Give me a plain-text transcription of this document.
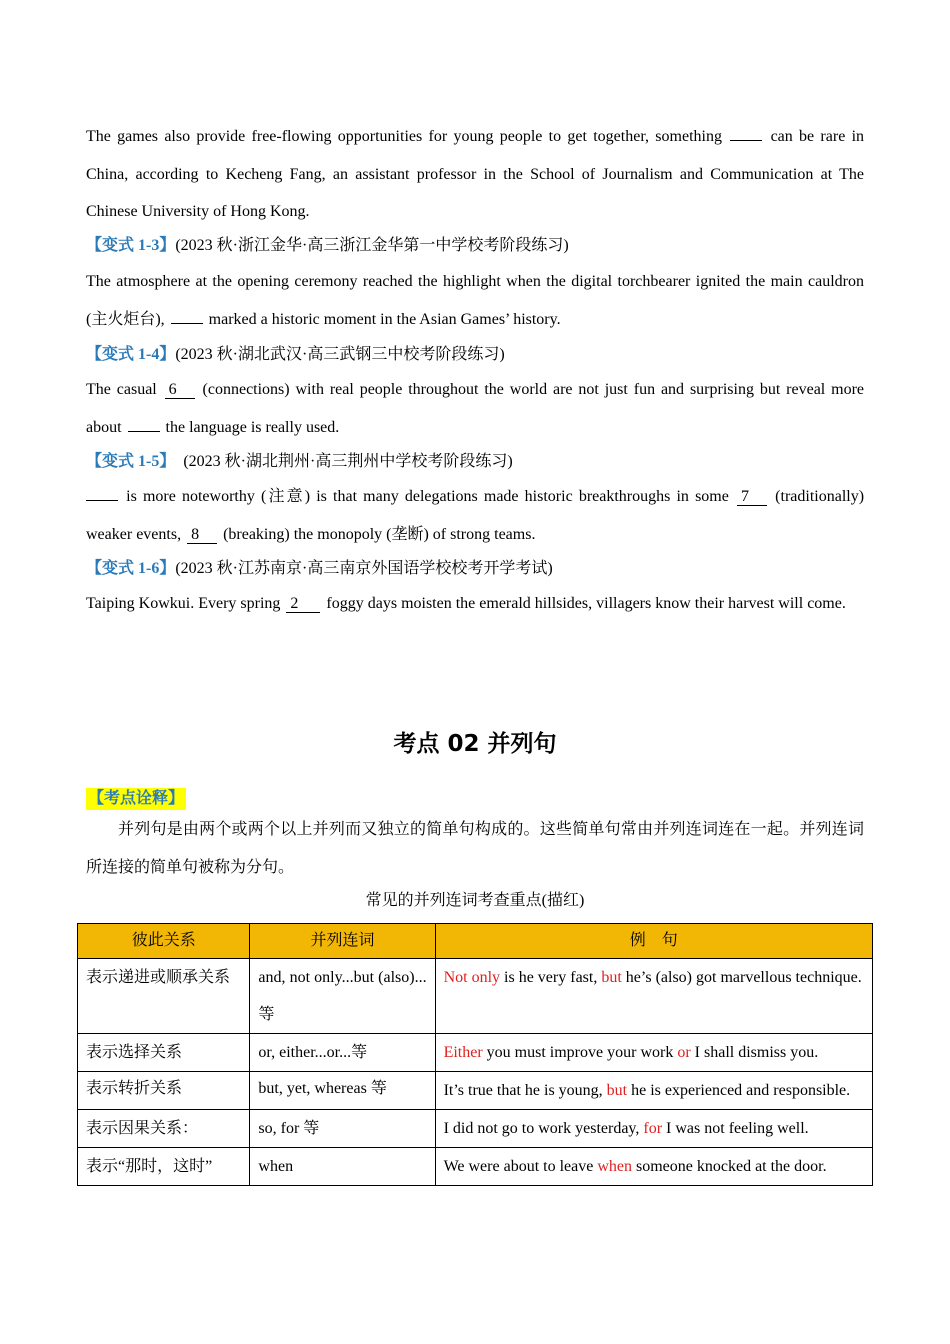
The games also provide free-flowing opportunities for young people to get together, something	can be rare in China, according to Kecheng Fang, an assistant professor in the School of Journalism and Communication at The Chinese University of Hong Kong.

【变式 1-3】(2023 秋·浙江金华·高三浙江金华第一中学校考阶段练习)

The atmosphere at the opening ceremony reached the highlight when the digital torchbearer ignited the main cauldron (主火炬台),	marked a historic moment in the Asian Games’ history.

【变式 1-4】(2023 秋·湖北武汉·高三武钢三中校考阶段练习)

The casual 6 (connections) with real people throughout the world are not just fun and surprising but reveal more about	the language is really used.

【变式 1-5】 (2023 秋·湖北荆州·高三荆州中学校考阶段练习)

is more noteworthy (注意) is that many delegations made historic breakthroughs in some 7 (traditionally) weaker events, 8 (breaking) the monopoly (垄断) of strong teams.

【变式 1-6】(2023 秋·江苏南京·高三南京外国语学校校考开学考试)

Taiping Kowkui. Every spring 2 foggy days moisten the emerald hillsides, villagers know their harvest will come.

考点 02 并列句
【考点诠释】

并列句是由两个或两个以上并列而又独立的简单句构成的。这些简单句常由并列连词连在一起。并列连词所连接的简单句被称为分句。

常见的并列连词考查重点(描红)

彼此关系	并列连词	例    句
表示递进或顺承关系	and, not only...but (also)...等	Not only is he very fast, but he’s (also) got marvellous technique.
表示选择关系	or, either...or...等	Either you must improve your work or I shall dismiss you.
表示转折关系	but, yet, whereas 等	It’s true that he is young, but he is experienced and responsible.
表示因果关系：	so, for 等	I did not go to work yesterday, for I was not feeling well.
表示“那时，这时”	when	We were about to leave when someone knocked at the door.
